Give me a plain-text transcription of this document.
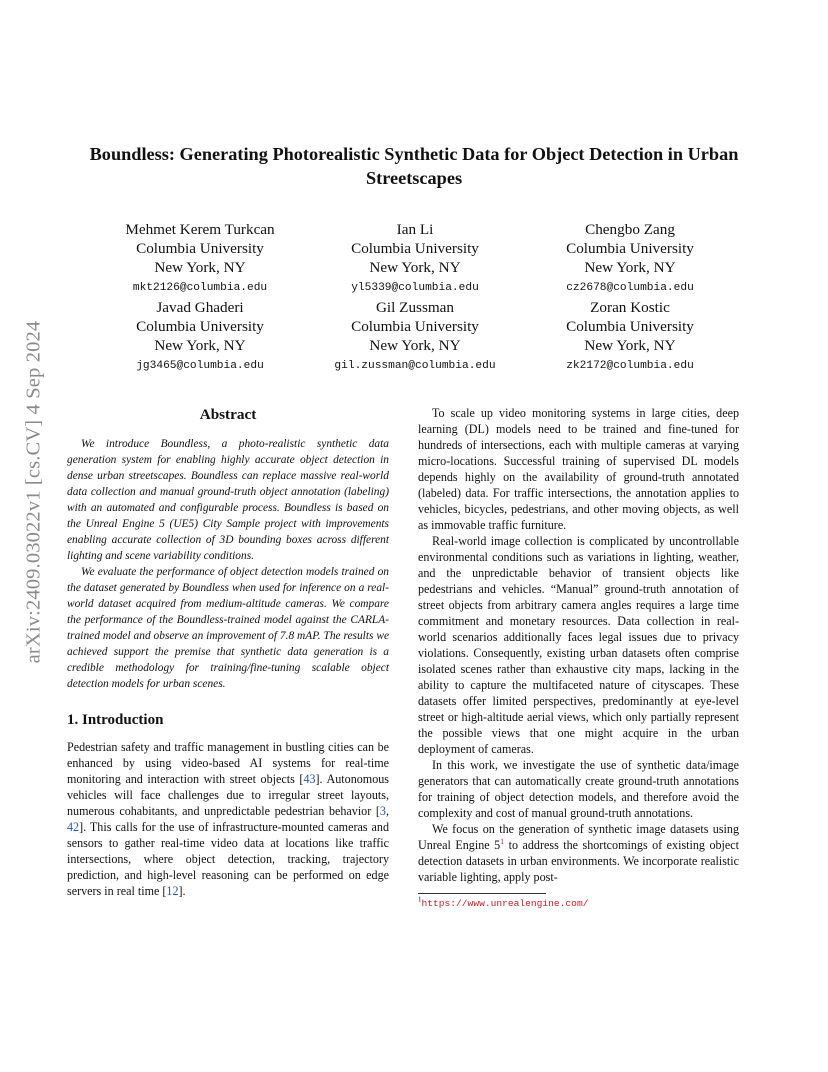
arXiv:2409.03022v1 [cs.CV] 4 Sep 2024
Boundless: Generating Photorealistic Synthetic Data for Object Detection in Urban Streetscapes
Mehmet Kerem Turkcan
Columbia University
New York, NY
mkt2126@columbia.edu
Ian Li
Columbia University
New York, NY
yl5339@columbia.edu
Chengbo Zang
Columbia University
New York, NY
cz2678@columbia.edu
Javad Ghaderi
Columbia University
New York, NY
jg3465@columbia.edu
Gil Zussman
Columbia University
New York, NY
gil.zussman@columbia.edu
Zoran Kostic
Columbia University
New York, NY
zk2172@columbia.edu
Abstract

We introduce Boundless, a photo-realistic synthetic data generation system for enabling highly accurate object detection in dense urban streetscapes. Boundless can replace massive real-world data collection and manual ground-truth object annotation (labeling) with an automated and configurable process. Boundless is based on the Unreal Engine 5 (UE5) City Sample project with improvements enabling accurate collection of 3D bounding boxes across different lighting and scene variability conditions.

We evaluate the performance of object detection models trained on the dataset generated by Boundless when used for inference on a real-world dataset acquired from medium-altitude cameras. We compare the performance of the Boundless-trained model against the CARLA-trained model and observe an improvement of 7.8 mAP. The results we achieved support the premise that synthetic data generation is a credible methodology for training/fine-tuning scalable object detection models for urban scenes.

1. Introduction

Pedestrian safety and traffic management in bustling cities can be enhanced by using video-based AI systems for real-time monitoring and interaction with street objects [43]. Autonomous vehicles will face challenges due to irregular street layouts, numerous cohabitants, and unpredictable pedestrian behavior [3, 42]. This calls for the use of infrastructure-mounted cameras and sensors to gather real-time video data at locations like traffic intersections, where object detection, tracking, trajectory prediction, and high-level reasoning can be performed on edge servers in real time [12].

To scale up video monitoring systems in large cities, deep learning (DL) models need to be trained and fine-tuned for hundreds of intersections, each with multiple cameras at varying micro-locations. Successful training of supervised DL models depends highly on the availability of ground-truth annotated (labeled) data. For traffic intersections, the annotation applies to vehicles, bicycles, pedestrians, and other moving objects, as well as immovable traffic furniture.

Real-world image collection is complicated by uncontrollable environmental conditions such as variations in lighting, weather, and the unpredictable behavior of transient objects like pedestrians and vehicles. “Manual” ground-truth annotation of street objects from arbitrary camera angles requires a large time commitment and monetary resources. Data collection in real-world scenarios additionally faces legal issues due to privacy violations. Consequently, existing urban datasets often comprise isolated scenes rather than exhaustive city maps, lacking in the ability to capture the multifaceted nature of cityscapes. These datasets offer limited perspectives, predominantly at eye-level street or high-altitude aerial views, which only partially represent the possible views that one might acquire in the urban deployment of cameras.

In this work, we investigate the use of synthetic data/image generators that can automatically create ground-truth annotations for training of object detection models, and therefore avoid the complexity and cost of manual ground-truth annotations.

We focus on the generation of synthetic image datasets using Unreal Engine 5$^1$ to address the shortcomings of existing object detection datasets in urban environments. We incorporate realistic variable lighting, apply post-

$^1$https://www.unrealengine.com/
